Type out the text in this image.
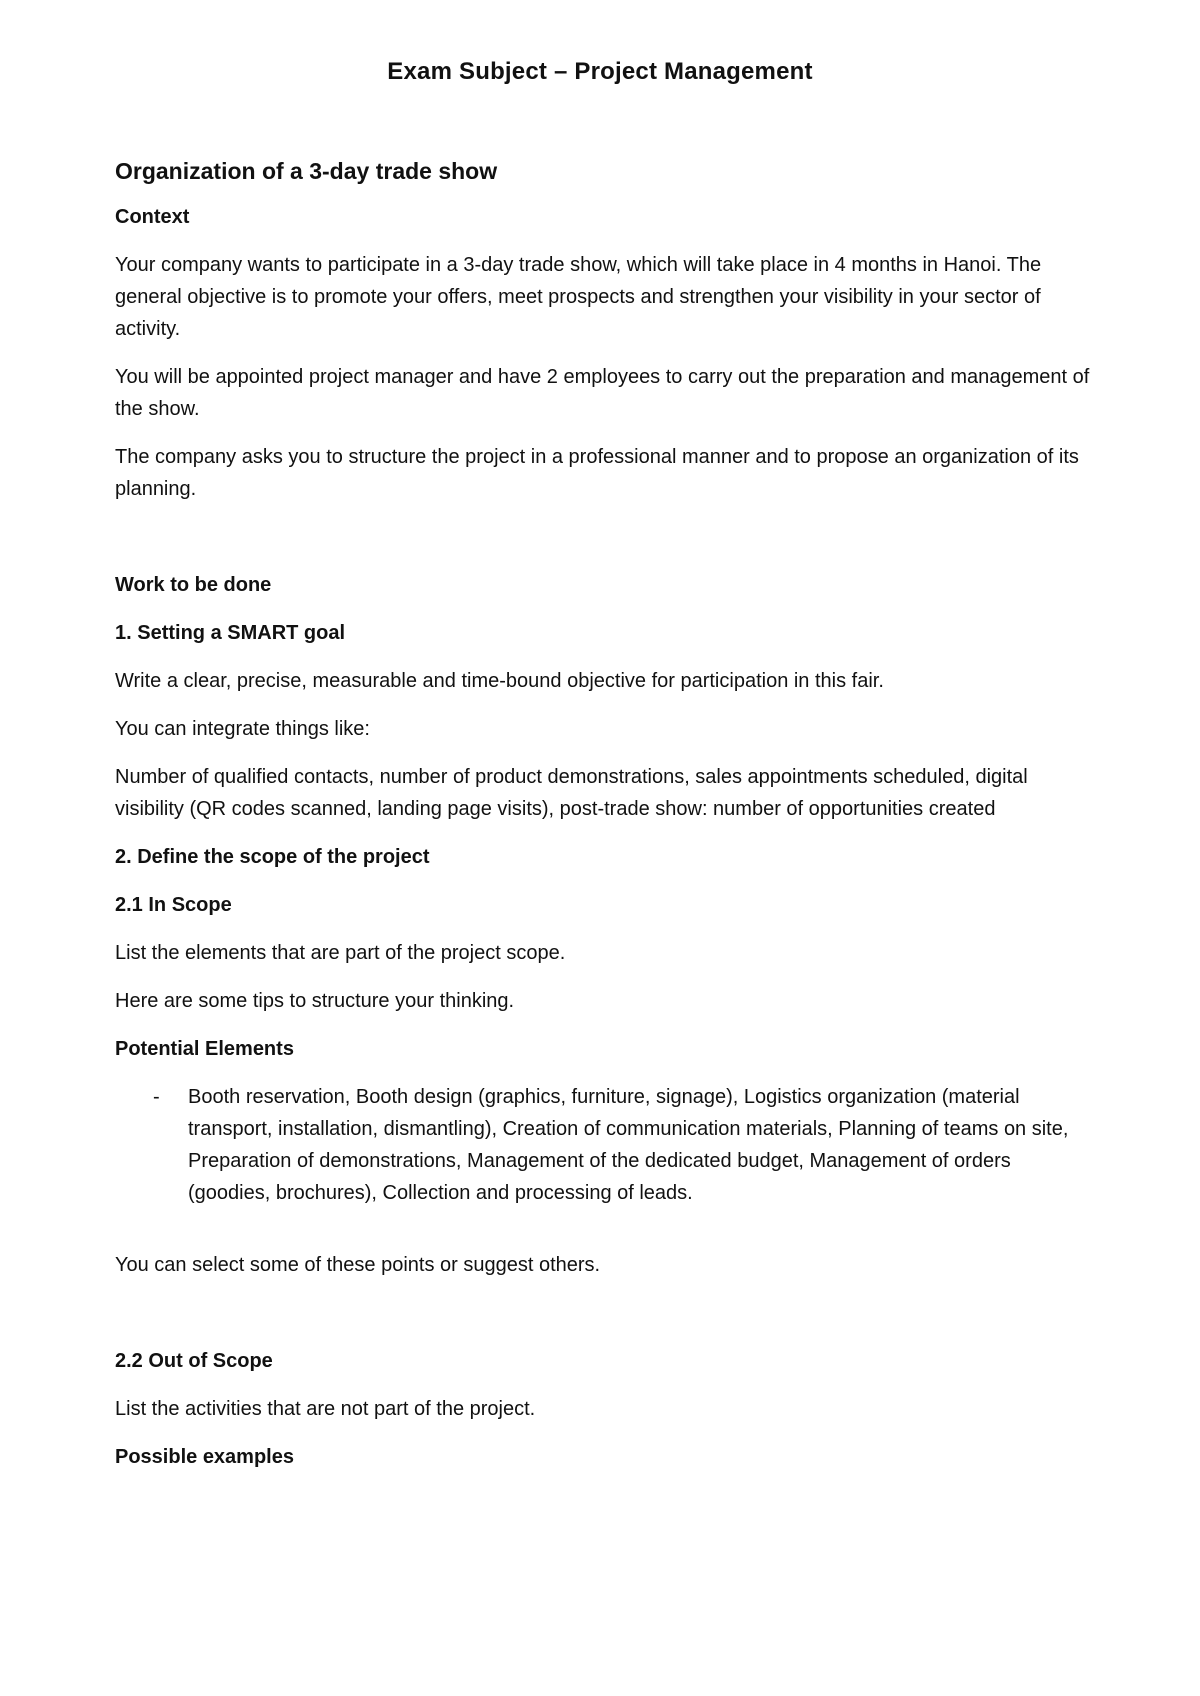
Exam Subject – Project Management

Organization of a 3-day trade show

Context

Your company wants to participate in a 3-day trade show, which will take place in 4 months in Hanoi. The general objective is to promote your offers, meet prospects and strengthen your visibility in your sector of activity.

You will be appointed project manager and have 2 employees to carry out the preparation and management of the show.

The company asks you to structure the project in a professional manner and to propose an organization of its planning.

Work to be done

1. Setting a SMART goal

Write a clear, precise, measurable and time-bound objective for participation in this fair.

You can integrate things like:

Number of qualified contacts, number of product demonstrations, sales appointments scheduled, digital visibility (QR codes scanned, landing page visits), post-trade show: number of opportunities created

2. Define the scope of the project

2.1 In Scope

List the elements that are part of the project scope.

Here are some tips to structure your thinking.

Potential Elements

- Booth reservation, Booth design (graphics, furniture, signage), Logistics organization (material transport, installation, dismantling), Creation of communication materials, Planning of teams on site, Preparation of demonstrations, Management of the dedicated budget, Management of orders (goodies, brochures), Collection and processing of leads.

You can select some of these points or suggest others.

2.2 Out of Scope

List the activities that are not part of the project.

Possible examples
